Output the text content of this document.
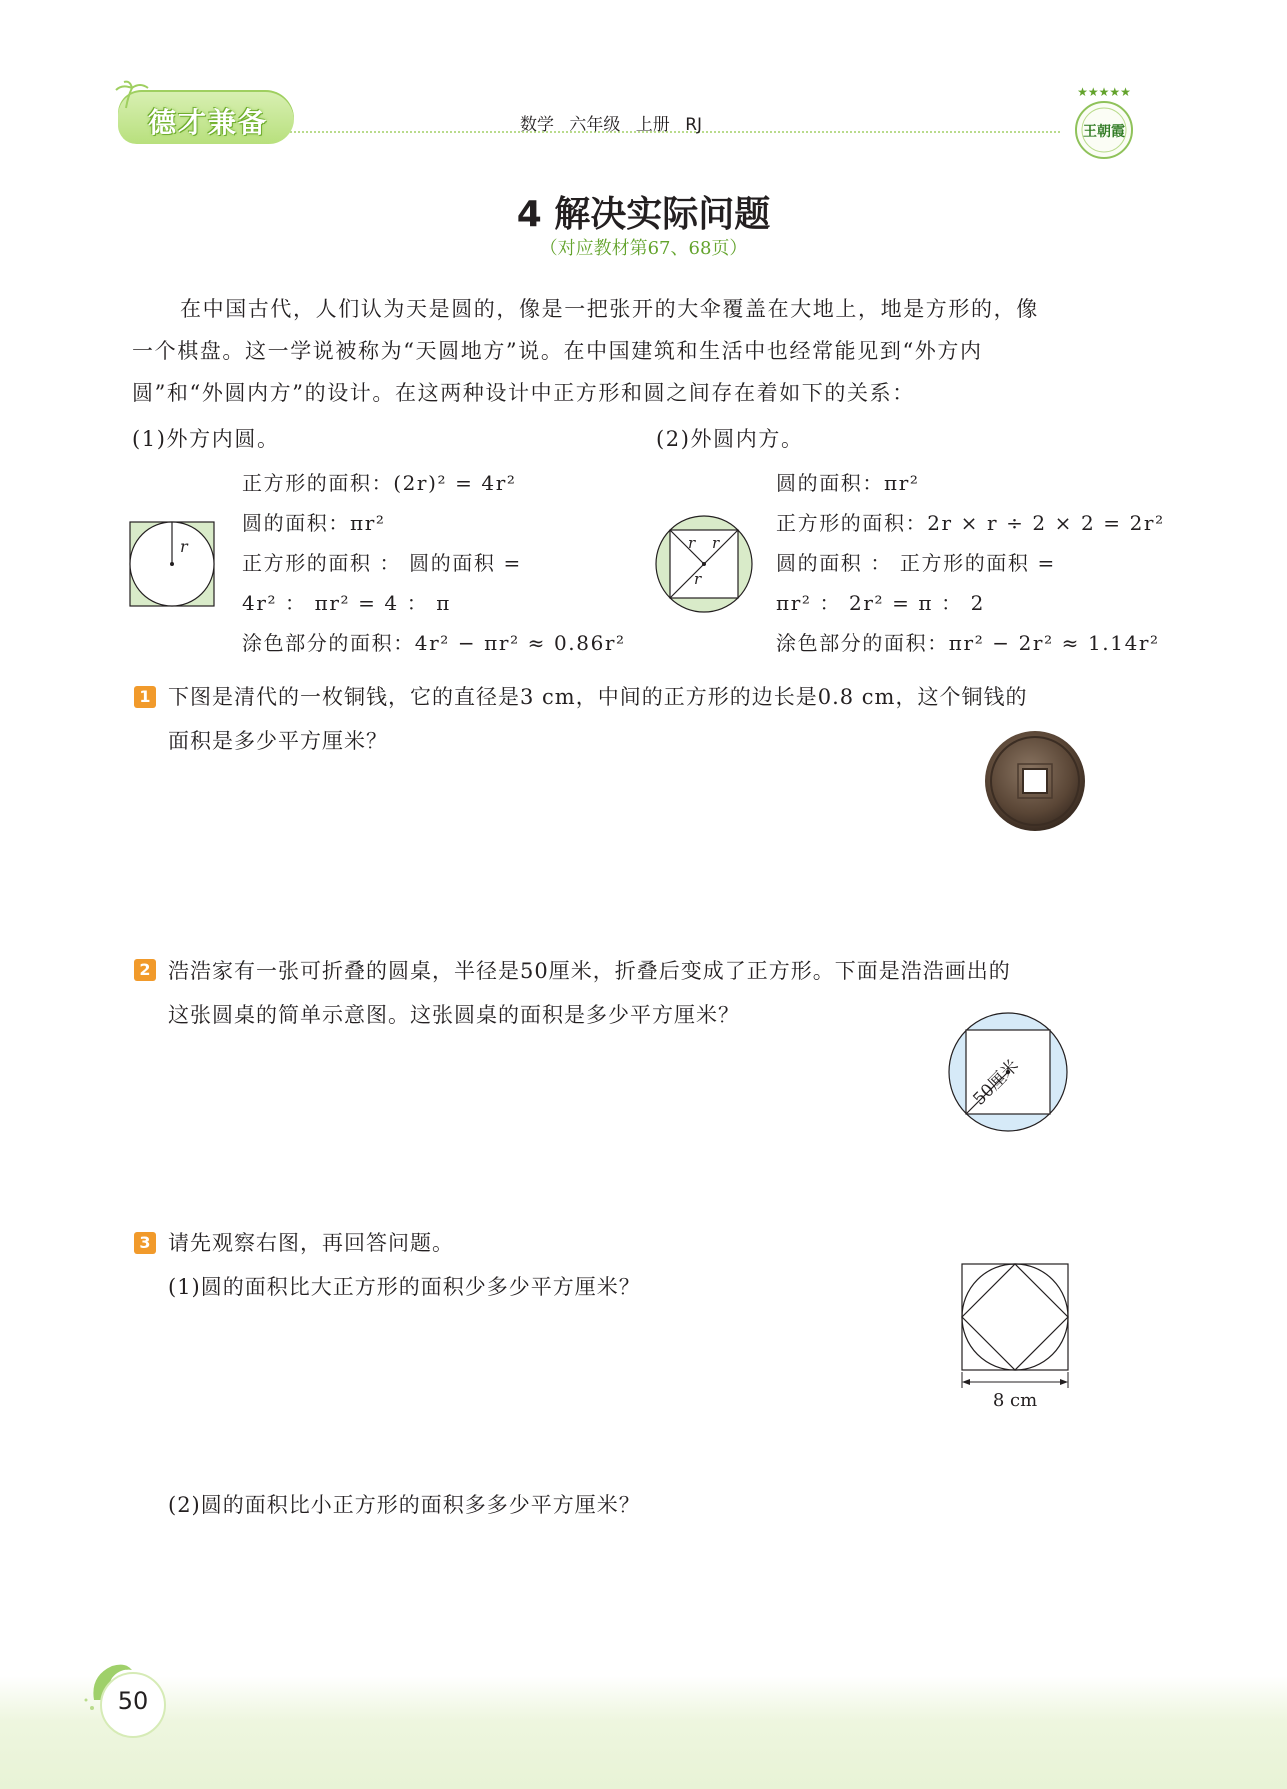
德才兼备	数学 六年级 上册 RJ
★★★★★
王朝霞
4 解决实际问题
（对应教材第67、68页）
在中国古代，人们认为天是圆的，像是一把张开的大伞覆盖在大地上，地是方形的，像
一个棋盘。这一学说被称为“天圆地方”说。在中国建筑和生活中也经常能见到“外方内
圆”和“外圆内方”的设计。在这两种设计中正方形和圆之间存在着如下的关系：
(1)外方内圆。	(2)外圆内方。
r
正方形的面积：(2r)² = 4r²
圆的面积：πr²
正方形的面积 ： 圆的面积 =
4r² ： πr² = 4 ： π
涂色部分的面积：4r² − πr² ≈ 0.86r²
r r
r
圆的面积：πr²
正方形的面积：2r × r ÷ 2 × 2 = 2r²
圆的面积 ： 正方形的面积 =
πr² ： 2r² = π ： 2
涂色部分的面积：πr² − 2r² ≈ 1.14r²
1 下图是清代的一枚铜钱，它的直径是3 cm，中间的正方形的边长是0.8 cm，这个铜钱的
面积是多少平方厘米？
2 浩浩家有一张可折叠的圆桌，半径是50厘米，折叠后变成了正方形。下面是浩浩画出的
这张圆桌的简单示意图。这张圆桌的面积是多少平方厘米？
50厘米
3 请先观察右图，再回答问题。
(1)圆的面积比大正方形的面积少多少平方厘米？
(2)圆的面积比小正方形的面积多多少平方厘米？
8 cm
50
